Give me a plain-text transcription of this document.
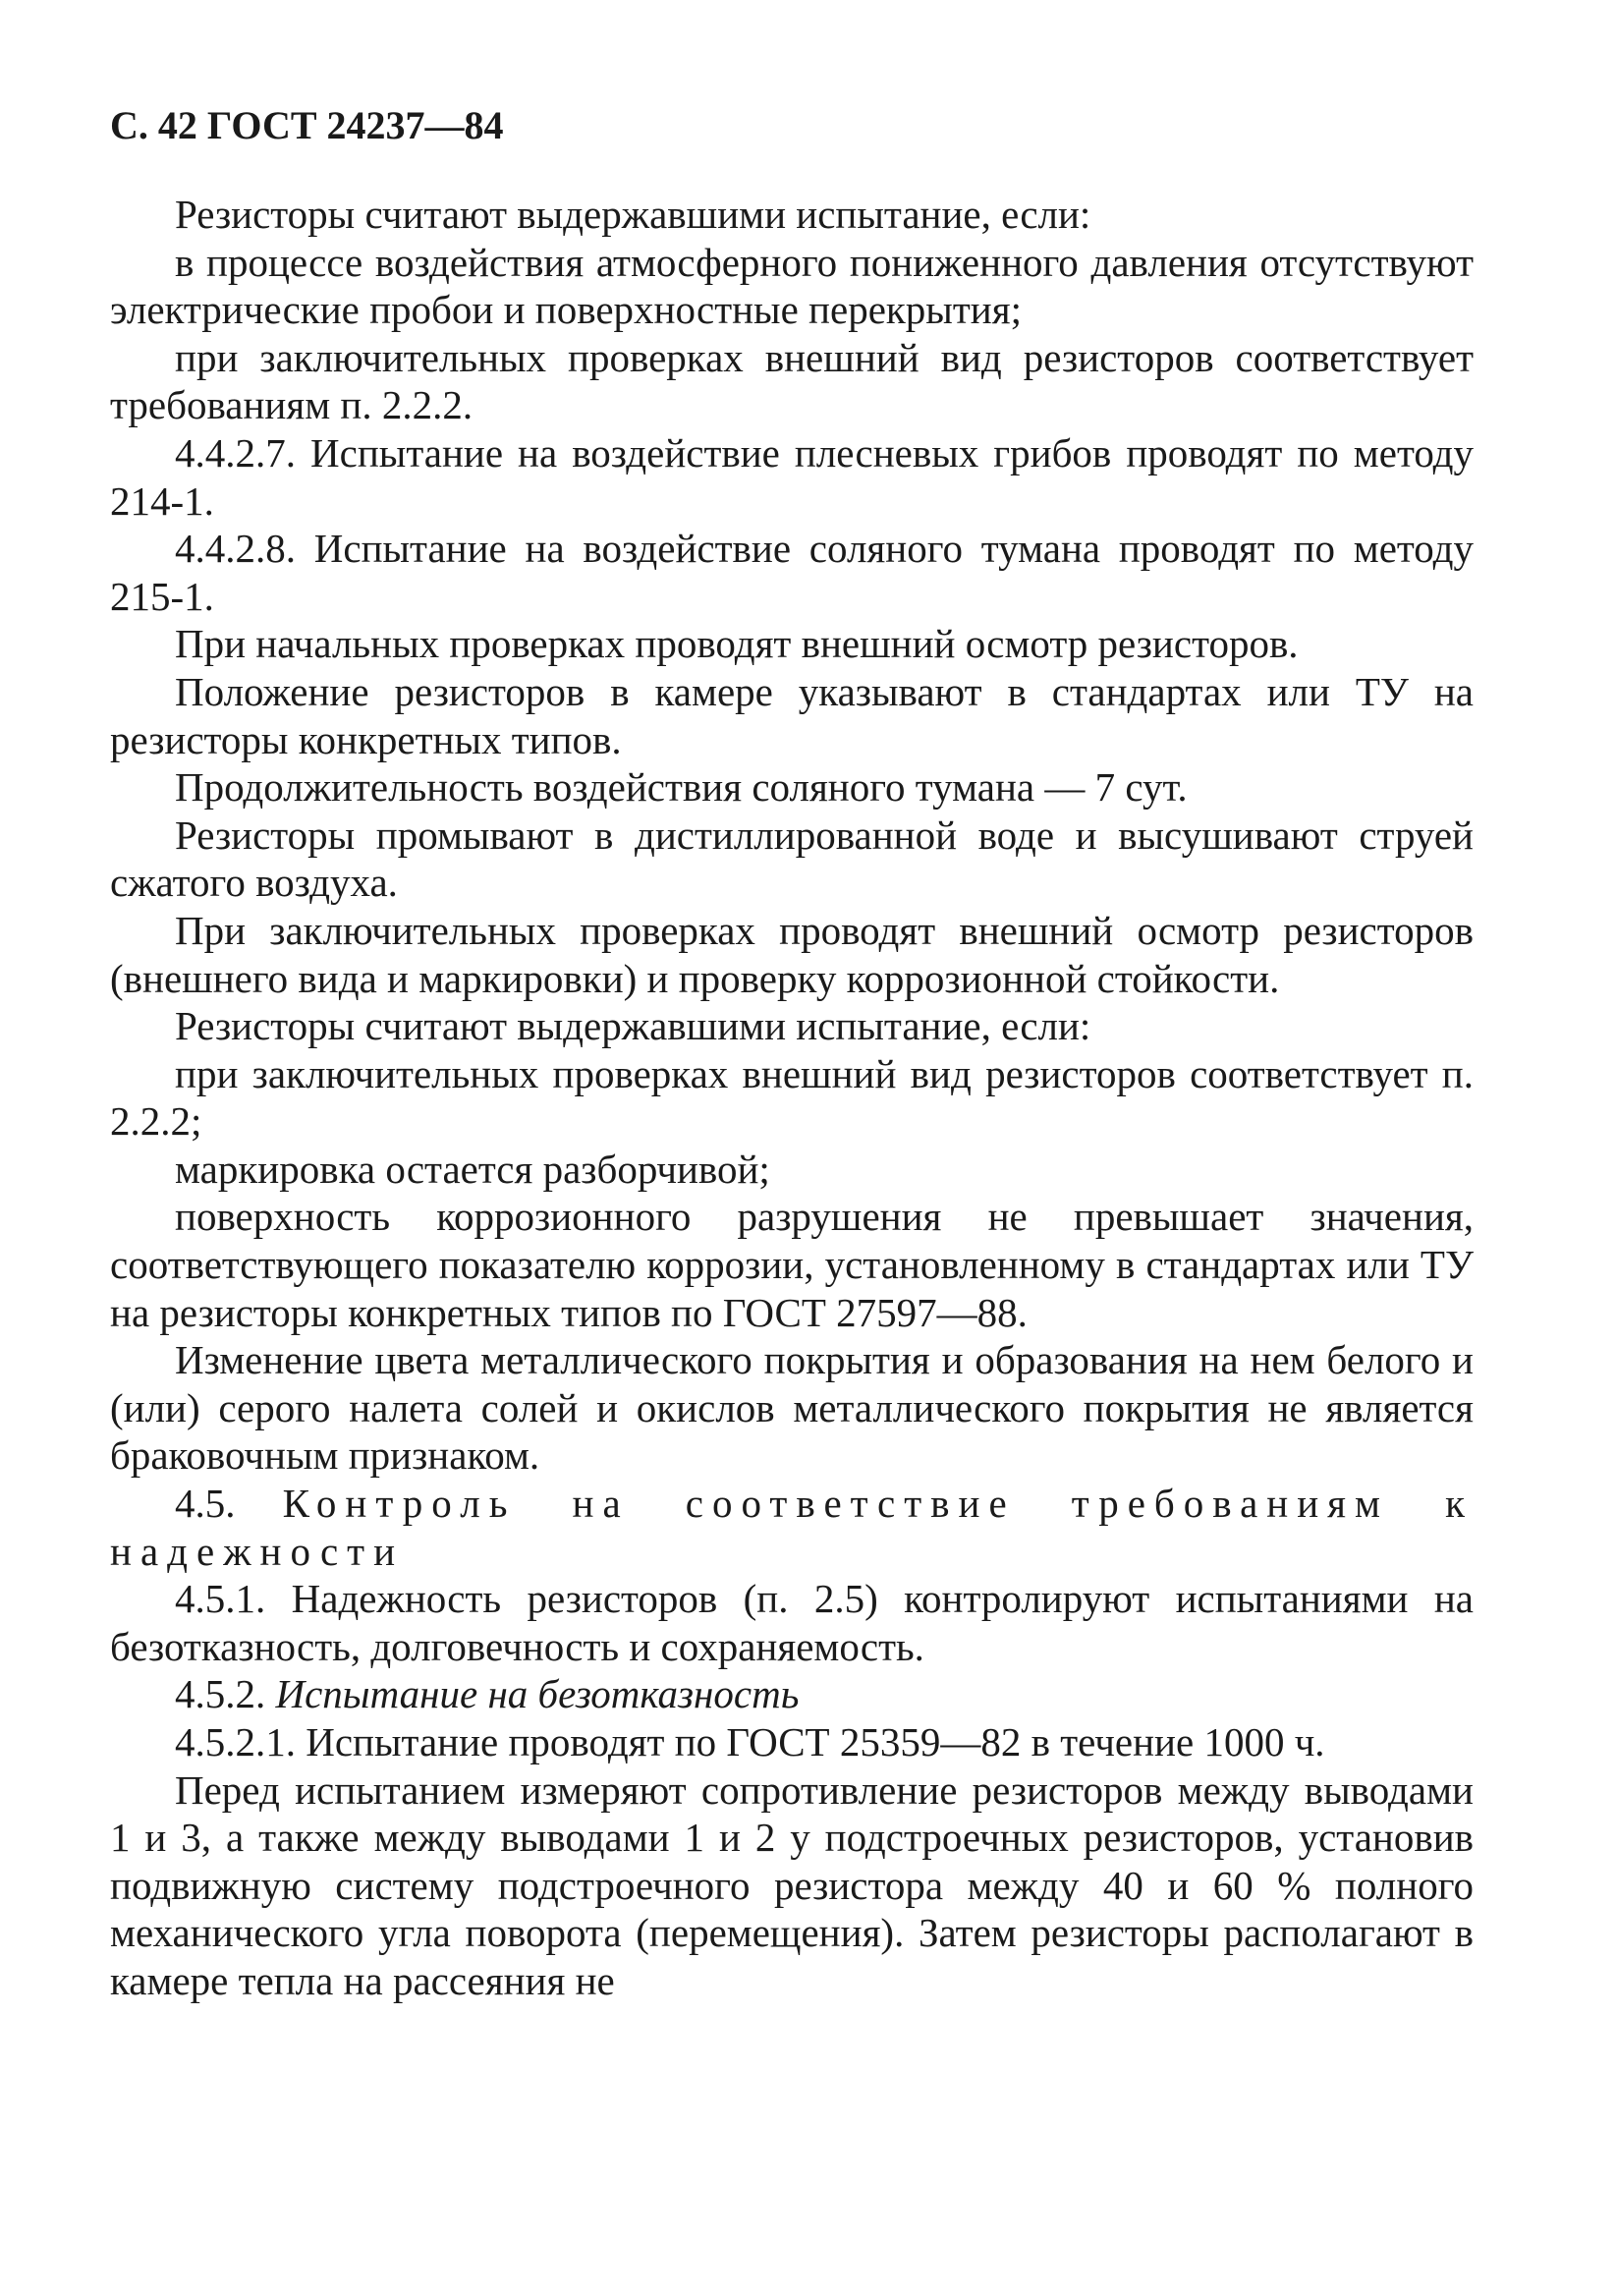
С. 42 ГОСТ 24237—84

Резисторы считают выдержавшими испытание, если:

в процессе воздействия атмосферного пониженного давления отсутствуют электрические пробои и поверхностные перекрытия;

при заключительных проверках внешний вид резисторов соответствует требованиям п. 2.2.2.

4.4.2.7. Испытание на воздействие плесневых грибов проводят по методу 214-1.

4.4.2.8. Испытание на воздействие соляного тумана проводят по методу 215-1.

При начальных проверках проводят внешний осмотр резисторов.

Положение резисторов в камере указывают в стандартах или ТУ на резисторы конкретных типов.

Продолжительность воздействия соляного тумана — 7 сут.

Резисторы промывают в дистиллированной воде и высушивают струей сжатого воздуха.

При заключительных проверках проводят внешний осмотр резисторов (внешнего вида и маркировки) и проверку коррозионной стойкости.

Резисторы считают выдержавшими испытание, если:

при заключительных проверках внешний вид резисторов соответствует п. 2.2.2;

маркировка остается разборчивой;

поверхность коррозионного разрушения не превышает значения, соответствующего показателю коррозии, установленному в стандартах или ТУ на резисторы конкретных типов по ГОСТ 27597—88.

Изменение цвета металлического покрытия и образования на нем белого и (или) серого налета солей и окислов металлического покрытия не является браковочным признаком.

4.5. Контроль на соответствие требованиям к надежности

4.5.1. Надежность резисторов (п. 2.5) контролируют испытаниями на безотказность, долговечность и сохраняемость.

4.5.2. Испытание на безотказность

4.5.2.1. Испытание проводят по ГОСТ 25359—82 в течение 1000 ч.

Перед испытанием измеряют сопротивление резисторов между выводами 1 и 3, а также между выводами 1 и 2 у подстроечных резисторов, установив подвижную систему подстроечного резистора между 40 и 60 % полного механического угла поворота (перемещения). Затем резисторы располагают в камере тепла на рассеяния не
